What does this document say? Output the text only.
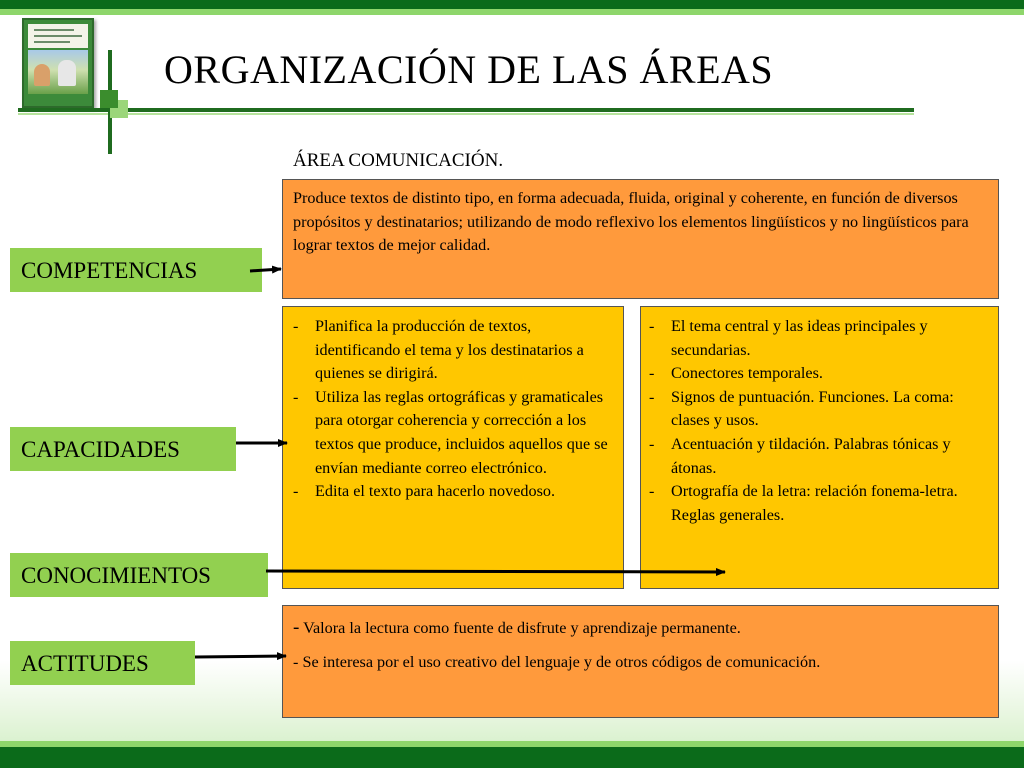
ORGANIZACIÓN DE LAS ÁREAS
ÁREA COMUNICACIÓN.
COMPETENCIAS
CAPACIDADES
CONOCIMIENTOS
ACTITUDES

Produce textos de distinto tipo, en forma adecuada, fluida, original y coherente, en función de diversos propósitos y destinatarios; utilizando de modo reflexivo los elementos lingüísticos y no lingüísticos para lograr textos de mejor calidad.

- Planifica la producción de textos, identificando el tema y los destinatarios a quienes se dirigirá.
- Utiliza las reglas ortográficas y gramaticales para otorgar coherencia y corrección a los textos que produce, incluidos aquellos que se envían mediante correo electrónico.
- Edita el texto para hacerlo novedoso.
- El tema central y las ideas principales y secundarias.
- Conectores temporales.
- Signos de puntuación. Funciones. La coma: clases y usos.
- Acentuación y tildación. Palabras tónicas y átonas.
- Ortografía de la letra: relación fonema-letra. Reglas generales.

- Valora la lectura como fuente de disfrute y aprendizaje permanente.

- Se interesa por el uso creativo del lenguaje y de otros códigos de comunicación.
